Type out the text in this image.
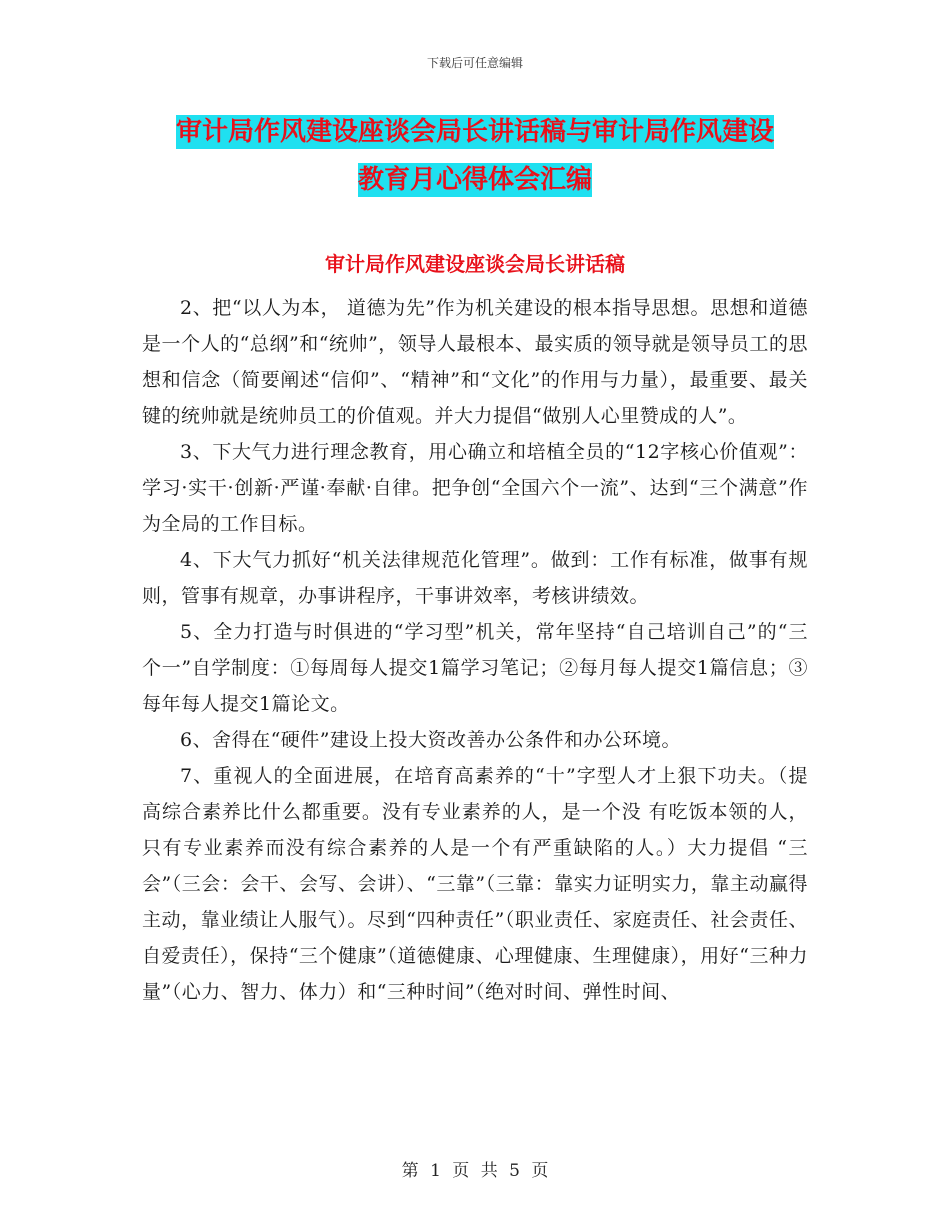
下载后可任意编辑
审计局作风建设座谈会局长讲话稿与审计局作风建设
教育月心得体会汇编
审计局作风建设座谈会局长讲话稿

2、把“以人为本， 道德为先”作为机关建设的根本指导思想。思想和道德是一个人的“总纲”和“统帅”，领导人最根本、最实质的领导就是领导员工的思想和信念（简要阐述“信仰”、“精神”和“文化”的作用与力量），最重要、最关键的统帅就是统帅员工的价值观。并大力提倡“做别人心里赞成的人”。

3、下大气力进行理念教育，用心确立和培植全员的“12字核心价值观”：学习·实干·创新·严谨·奉献·自律。把争创“全国六个一流”、达到“三个满意”作为全局的工作目标。

4、下大气力抓好“机关法律规范化管理”。做到：工作有标准，做事有规则，管事有规章，办事讲程序，干事讲效率，考核讲绩效。

5、全力打造与时俱进的“学习型”机关，常年坚持“自己培训自己”的“三个一”自学制度：①每周每人提交1篇学习笔记；②每月每人提交1篇信息；③每年每人提交1篇论文。

6、舍得在“硬件”建设上投大资改善办公条件和办公环境。

7、重视人的全面进展，在培育高素养的“十”字型人才上狠下功夫。（提高综合素养比什么都重要。没有专业素养的人，是一个没 有吃饭本领的人，只有专业素养而没有综合素养的人是一个有严重缺陷的人。）大力提倡 “三会”（三会：会干、会写、会讲）、“三靠”（三靠：靠实力证明实力，靠主动赢得主动，靠业绩让人服气）。尽到“四种责任”（职业责任、家庭责任、社会责任、自爱责任），保持“三个健康”（道德健康、心理健康、生理健康），用好“三种力量”（心力、智力、体力）和“三种时间”（绝对时间、弹性时间、

第 1 页 共 5 页
